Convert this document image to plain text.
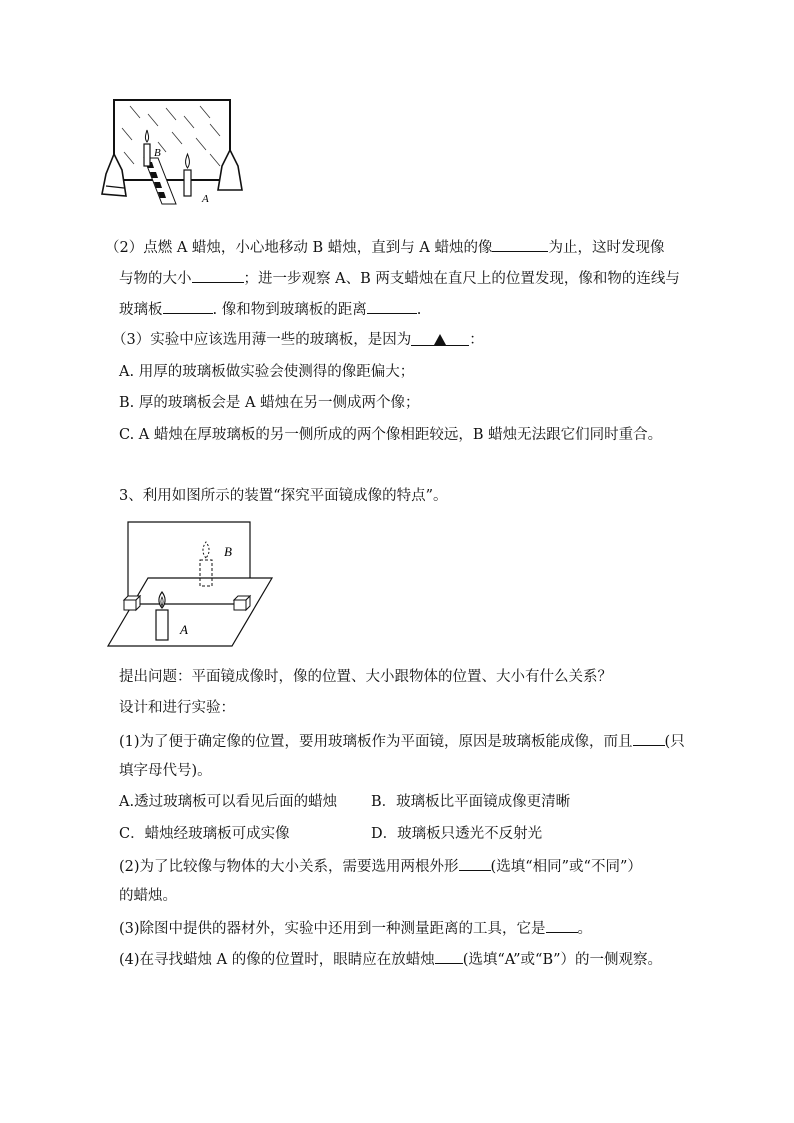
B
A
（2）点燃 A 蜡烛，小心地移动 B 蜡烛，直到与 A 蜡烛的像	为止，这时发现像
与物的大小	；进一步观察 A、B 两支蜡烛在直尺上的位置发现，像和物的连线与
玻璃板	. 像和物到玻璃板的距离	.
（3）实验中应该选用薄一些的玻璃板，是因为	：
A. 用厚的玻璃板做实验会使测得的像距偏大；
B. 厚的玻璃板会是 A 蜡烛在另一侧成两个像；
C. A 蜡烛在厚玻璃板的另一侧所成的两个像相距较远，B 蜡烛无法跟它们同时重合。
3、利用如图所示的装置“探究平面镜成像的特点”。
B
A
提出问题：平面镜成像时，像的位置、大小跟物体的位置、大小有什么关系？
设计和进行实验：
(1)为了便于确定像的位置，要用玻璃板作为平面镜，原因是玻璃板能成像，而且 (只
填字母代号)。
A.透过玻璃板可以看见后面的蜡烛 B．玻璃板比平面镜成像更清晰
C．蜡烛经玻璃板可成实像	D．玻璃板只透光不反射光
(2)为了比较像与物体的大小关系，需要选用两根外形 (选填“相同”或“不同”）
的蜡烛。
(3)除图中提供的器材外，实验中还用到一种测量距离的工具，它是 。
(4)在寻找蜡烛 A 的像的位置时，眼睛应在放蜡烛 (选填“A”或“B”）的一侧观察。
